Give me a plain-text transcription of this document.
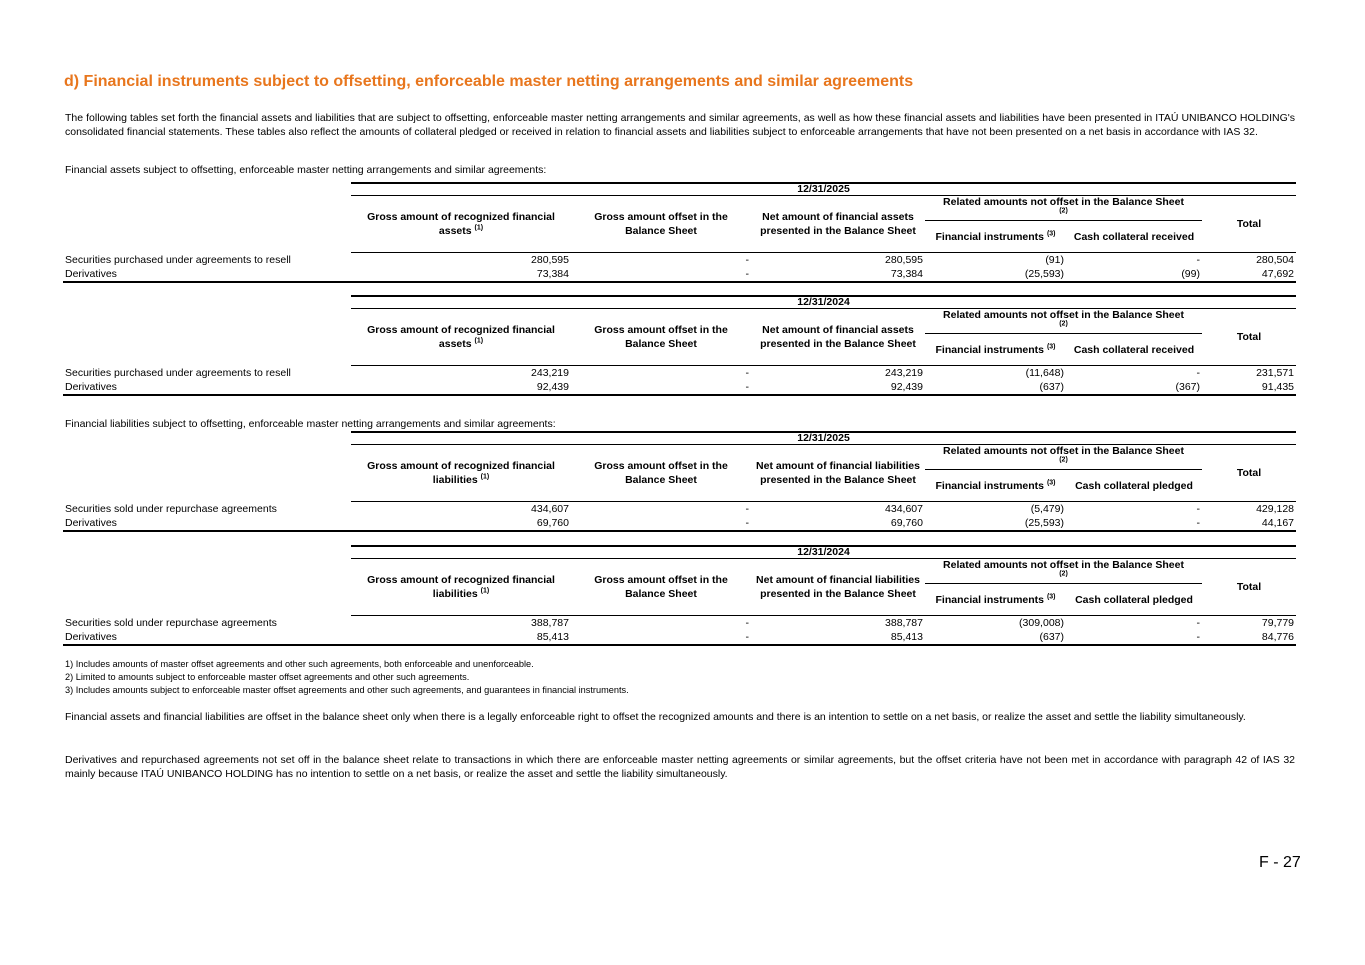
d) Financial instruments subject to offsetting, enforceable master netting arrangements and similar agreements

The following tables set forth the financial assets and liabilities that are subject to offsetting, enforceable master netting arrangements and similar agreements, as well as how these financial assets and liabilities have been presented in ITAÚ UNIBANCO HOLDING's consolidated financial statements. These tables also reflect the amounts of collateral pledged or received in relation to financial assets and liabilities subject to enforceable arrangements that have not been presented on a net basis in accordance with IAS 32.

Financial assets subject to offsetting, enforceable master netting arrangements and similar agreements:

	12/31/2025					
	Gross amount of recognized financial assets $^{(1)}$	Gross amount offset in the Balance Sheet	Net amount of financial assets presented in the Balance Sheet	Related amounts not offset in the Balance Sheet
$^{(2)}$		Total
				Financial instruments $^{(3)}$	Cash collateral received	
Securities purchased under agreements to resell	280,595	-	280,595	(91)	-	280,504
Derivatives	73,384	-	73,384	(25,593)	(99)	47,692
	12/31/2024					
	Gross amount of recognized financial assets $^{(1)}$	Gross amount offset in the Balance Sheet	Net amount of financial assets presented in the Balance Sheet	Related amounts not offset in the Balance Sheet
$^{(2)}$		Total
				Financial instruments $^{(3)}$	Cash collateral received	
Securities purchased under agreements to resell	243,219	-	243,219	(11,648)	-	231,571
Derivatives	92,439	-	92,439	(637)	(367)	91,435

Financial liabilities subject to offsetting, enforceable master netting arrangements and similar agreements:

	12/31/2025					
	Gross amount of recognized financial liabilities $^{(1)}$	Gross amount offset in the Balance Sheet	Net amount of financial liabilities presented in the Balance Sheet	Related amounts not offset in the Balance Sheet
$^{(2)}$		Total
				Financial instruments $^{(3)}$	Cash collateral pledged	
Securities sold under repurchase agreements	434,607	-	434,607	(5,479)	-	429,128
Derivatives	69,760	-	69,760	(25,593)	-	44,167
	12/31/2024					
	Gross amount of recognized financial liabilities $^{(1)}$	Gross amount offset in the Balance Sheet	Net amount of financial liabilities presented in the Balance Sheet	Related amounts not offset in the Balance Sheet
$^{(2)}$		Total
				Financial instruments $^{(3)}$	Cash collateral pledged	
Securities sold under repurchase agreements	388,787	-	388,787	(309,008)	-	79,779
Derivatives	85,413	-	85,413	(637)	-	84,776
1) Includes amounts of master offset agreements and other such agreements, both enforceable and unenforceable.
2) Limited to amounts subject to enforceable master offset agreements and other such agreements.
3) Includes amounts subject to enforceable master offset agreements and other such agreements, and guarantees in financial instruments.

Financial assets and financial liabilities are offset in the balance sheet only when there is a legally enforceable right to offset the recognized amounts and there is an intention to settle on a net basis, or realize the asset and settle the liability simultaneously.

Derivatives and repurchased agreements not set off in the balance sheet relate to transactions in which there are enforceable master netting agreements or similar agreements, but the offset criteria have not been met in accordance with paragraph 42 of IAS 32 mainly because ITAÚ UNIBANCO HOLDING has no intention to settle on a net basis, or realize the asset and settle the liability simultaneously.

F - 27
